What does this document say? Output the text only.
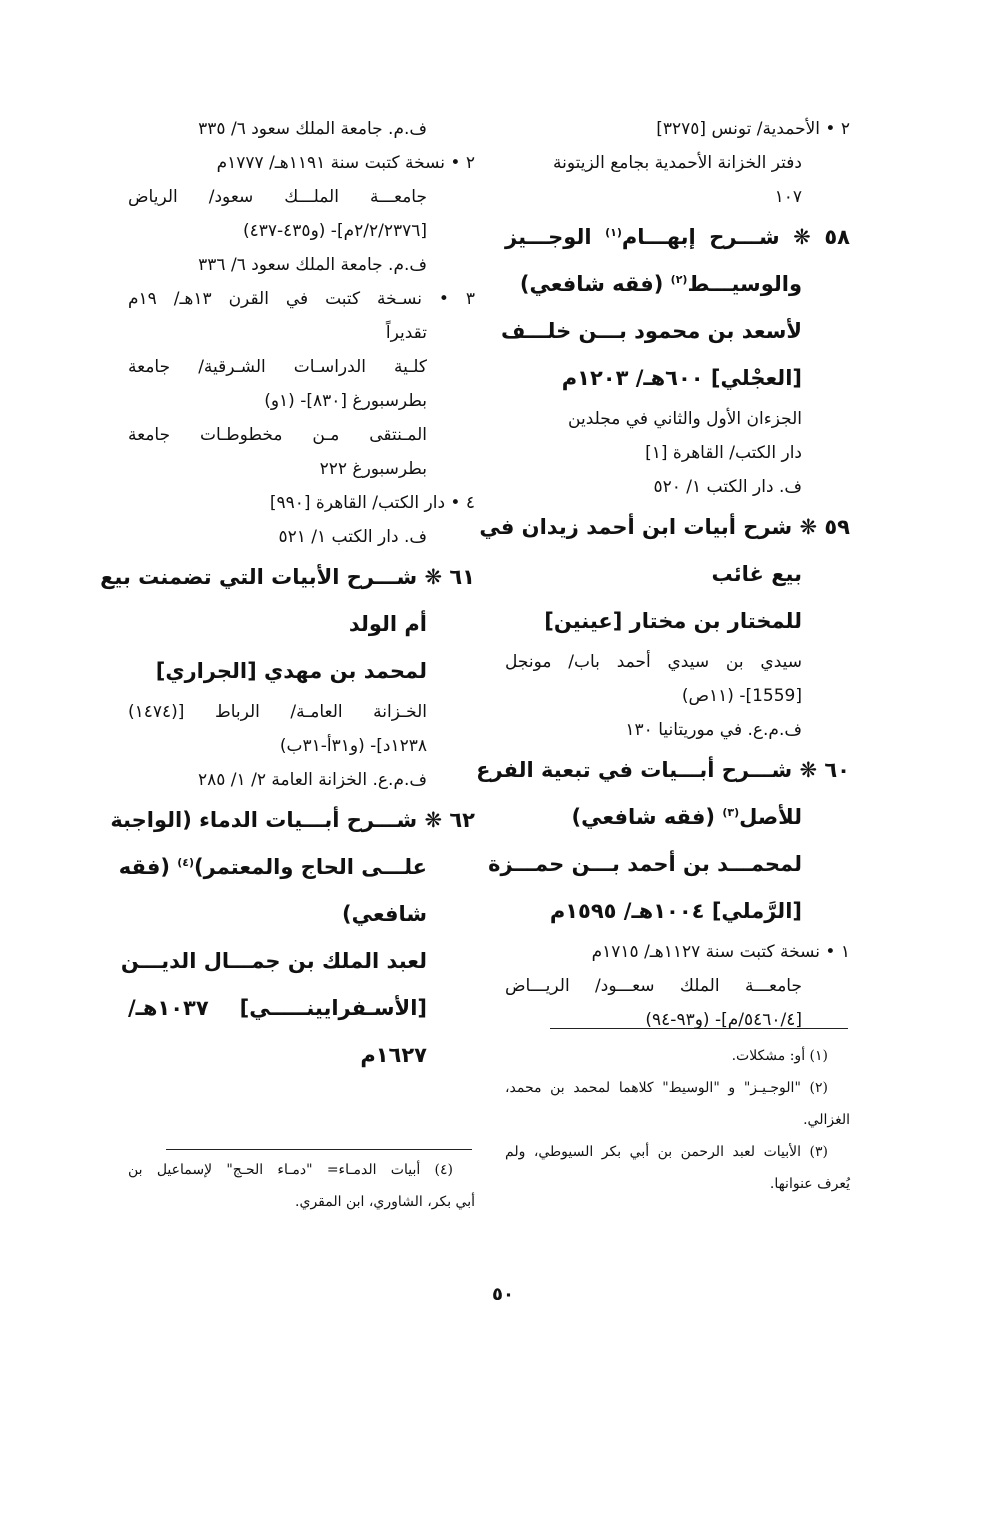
٢ • الأحمدية/ تونس [٣٢٧٥]
دفتر الخزانة الأحمدية بجامع الزيتونة
١٠٧
٥٨ ❋ شـــرح إبهـــام$^{(١)}$ الوجـــيز
والوسيـــط$^{(٢)}$ (فقه شافعي)
لأسعد بن محمود بـــن خلـــف
[العجْلي] ٦٠٠هـ/ ١٢٠٣م
الجزءان الأول والثاني في مجلدين
دار الكتب/ القاهرة [١]
ف. دار الكتب ١/ ٥٢٠
٥٩ ❋ شرح أبيات ابن أحمد زيدان في
بيع غائب
للمختار بن مختار [عينين]
سيدي بن سيدي أحمد باب/ مونجل
[1559]- (١١ص)
ف.م.ع. في موريتانيا ١٣٠
٦٠ ❋ شـــرح أبـــيات في تبعية الفرع
للأصل$^{(٣)}$ (فقه شافعي)
لمحمـــد بن أحمد بـــن حمـــزة
[الرَّملي] ١٠٠٤هـ/ ١٥٩٥م
١ • نسخة كتبت سنة ١١٢٧هـ/ ١٧١٥م
جامعـــة الملك سعـــود/ الريـــاض
[٥٤٦٠/٤/م]- (و٩٣-٩٤)
ف.م. جامعة الملك سعود ٦/ ٣٣٥
٢ • نسخة كتبت سنة ١١٩١هـ/ ١٧٧٧م
جامعـــة الملـــك سعود/ الرياض
[٢/٢/٢٣٧٦م]- (و٤٣٥-٤٣٧)
ف.م. جامعة الملك سعود ٦/ ٣٣٦
٣ • نسـخة كتبت في القرن ١٣هـ/ ١٩م
تقديراً
كلـية الدراسـات الشـرقية/ جامعة
بطرسبورغ [٨٣٠]- (١و)
المـنتقى مـن مخطوطـات جامعة
بطرسبورغ ٢٢٢
٤ • دار الكتب/ القاهرة [٩٩٠]
ف. دار الكتب ١/ ٥٢١
٦١ ❋ شـــرح الأبيات التي تضمنت بيع
أم الولد
لمحمد بن مهدي [الجراري]
الخـزانة العامـة/ الرباط [(١٤٧٤)
١٢٣٨د]- (و٣١أ-٣١ب)
ف.م.ع. الخزانة العامة ٢/ ١/ ٢٨٥
٦٢ ❋ شـــرح أبـــيات الدماء (الواجبة
علـــى الحاج والمعتمر)$^{(٤)}$ (فقه
شافعي)
لعبد الملك بن جمـــال الديـــن
[الأسـفرايينـــــي] ١٠٣٧هـ/
١٦٢٧م	(١) أو: مشكلات.
(٢) "الوجـيـز" و "الوسيط" كلاهما لمحمد بن محمد،
الغزالي.
(٣) الأبيات لعبد الرحمن بن أبي بكر السيوطي، ولم
يُعرف عنوانها.
(٤) أبيات الدمـاء= "دمـاء الحـج" لإسماعيل بن
أبي بكر، الشاوري، ابن المقري.
٥٠
